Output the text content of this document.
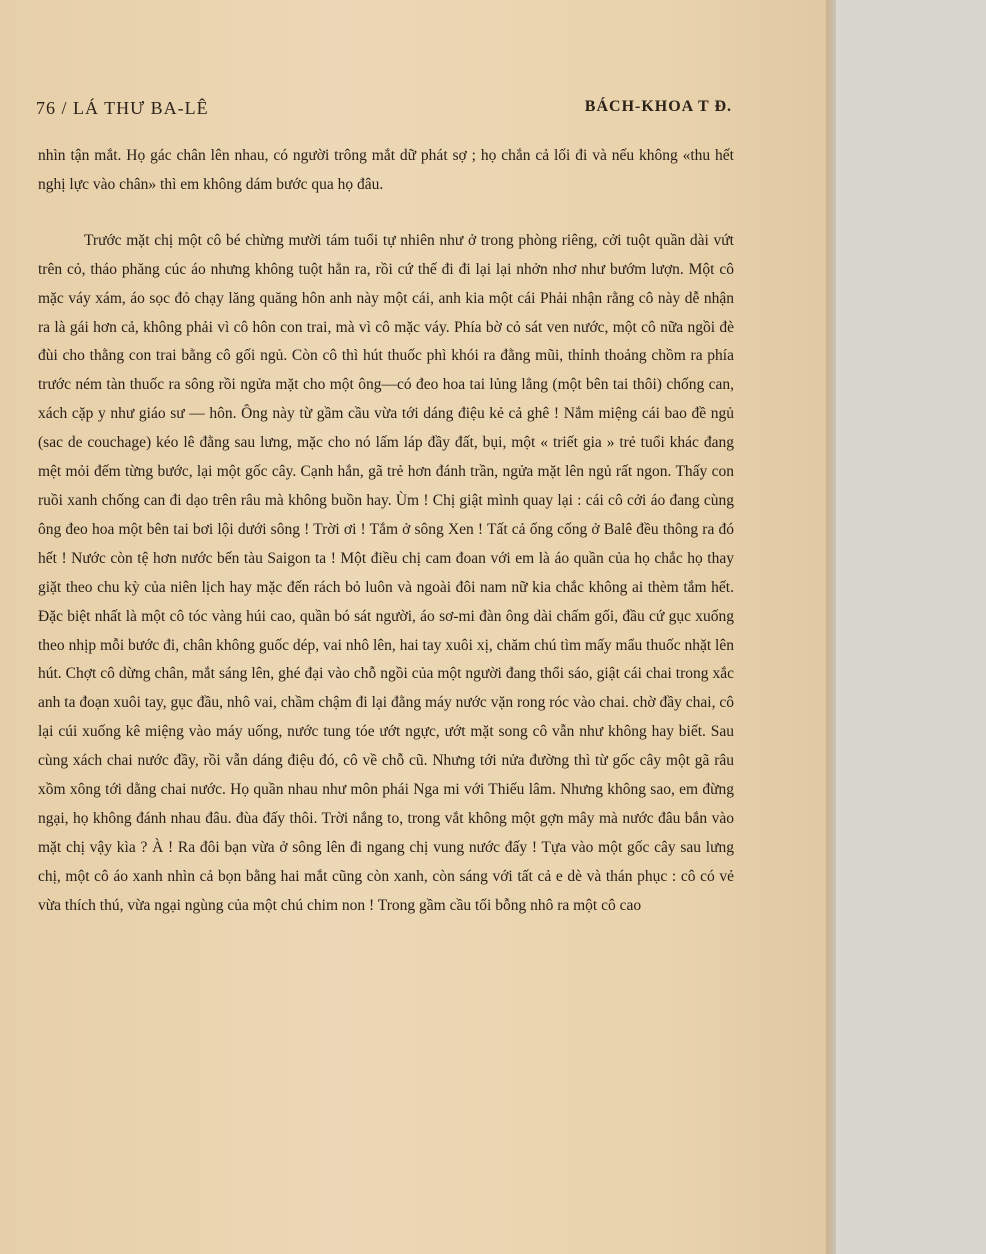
76 / LÁ THƯ BA-LÊ	BÁCH-KHOA T Đ.

nhìn tận mắt. Họ gác chân lên nhau, có người trông mắt dữ phát sợ ; họ chắn cả lối đi và nếu không «thu hết nghị lực vào chân» thì em không dám bước qua họ đâu.

Trước mặt chị một cô bé chừng mười tám tuổi tự nhiên như ở trong phòng riêng, cởi tuột quần dài vứt trên cỏ, tháo phăng cúc áo nhưng không tuột hẳn ra, rồi cứ thế đi đi lại lại nhởn nhơ như bướm lượn. Một cô mặc váy xám, áo sọc đỏ chạy lăng quăng hôn anh này một cái, anh kia một cái Phải nhận rằng cô này dễ nhận ra là gái hơn cả, không phải vì cô hôn con trai, mà vì cô mặc váy. Phía bờ cỏ sát ven nước, một cô nữa ngồi đè đùi cho thằng con trai bằng cô gối ngủ. Còn cô thì hút thuốc phì khói ra đằng mũi, thỉnh thoảng chồm ra phía trước ném tàn thuốc ra sông rồi ngửa mặt cho một ông—có đeo hoa tai lủng lẳng (một bên tai thôi) chống can, xách cặp y như giáo sư — hôn. Ông này từ gầm cầu vừa tới dáng điệu kẻ cả ghê ! Nắm miệng cái bao đề ngủ (sac de couchage) kéo lê đằng sau lưng, mặc cho nó lấm láp đầy đất, bụi, một « triết gia » trẻ tuổi khác đang mệt mỏi đếm từng bước, lại một gốc cây. Cạnh hắn, gã trẻ hơn đánh trần, ngửa mặt lên ngủ rất ngon. Thấy con ruồi xanh chống can đi dạo trên râu mà không buồn hay. Ùm ! Chị giật mình quay lại : cái cô cởi áo đang cùng ông đeo hoa một bên tai bơi lội dưới sông ! Trời ơi ! Tắm ở sông Xen ! Tất cả ống cống ở Balê đều thông ra đó hết ! Nước còn tệ hơn nước bến tàu Saigon ta ! Một điều chị cam đoan với em là áo quần của họ chắc họ thay giặt theo chu kỳ của niên lịch hay mặc đến rách bỏ luôn và ngoài đôi nam nữ kia chắc không ai thèm tắm hết. Đặc biệt nhất là một cô tóc vàng húi cao, quần bó sát người, áo sơ-mi đàn ông dài chấm gối, đầu cứ gục xuống theo nhịp mỗi bước đi, chân không guốc dép, vai nhô lên, hai tay xuôi xị, chăm chú tìm mấy mẩu thuốc nhặt lên hút. Chợt cô dừng chân, mắt sáng lên, ghé đại vào chỗ ngồi của một người đang thổi sáo, giật cái chai trong xắc anh ta đoạn xuôi tay, gục đầu, nhô vai, chầm chậm đi lại đằng máy nước vặn rong róc vào chai. chờ đầy chai, cô lại cúi xuống kê miệng vào máy uống, nước tung tóe ướt ngực, ướt mặt song cô vẫn như không hay biết. Sau cùng xách chai nước đầy, rồi vẫn dáng điệu đó, cô về chỗ cũ. Nhưng tới nửa đường thì từ gốc cây một gã râu xồm xông tới dằng chai nước. Họ quần nhau như môn phái Nga mi với Thiếu lâm. Nhưng không sao, em đừng ngại, họ không đánh nhau đâu. đùa đấy thôi. Trời nắng to, trong vắt không một gợn mây mà nước đâu bắn vào mặt chị vậy kìa ? À ! Ra đôi bạn vừa ở sông lên đi ngang chị vung nước đấy ! Tựa vào một gốc cây sau lưng chị, một cô áo xanh nhìn cả bọn bằng hai mắt cũng còn xanh, còn sáng với tất cả e dè và thán phục : cô có vẻ vừa thích thú, vừa ngại ngùng của một chú chim non ! Trong gầm cầu tối bỗng nhô ra một cô cao
